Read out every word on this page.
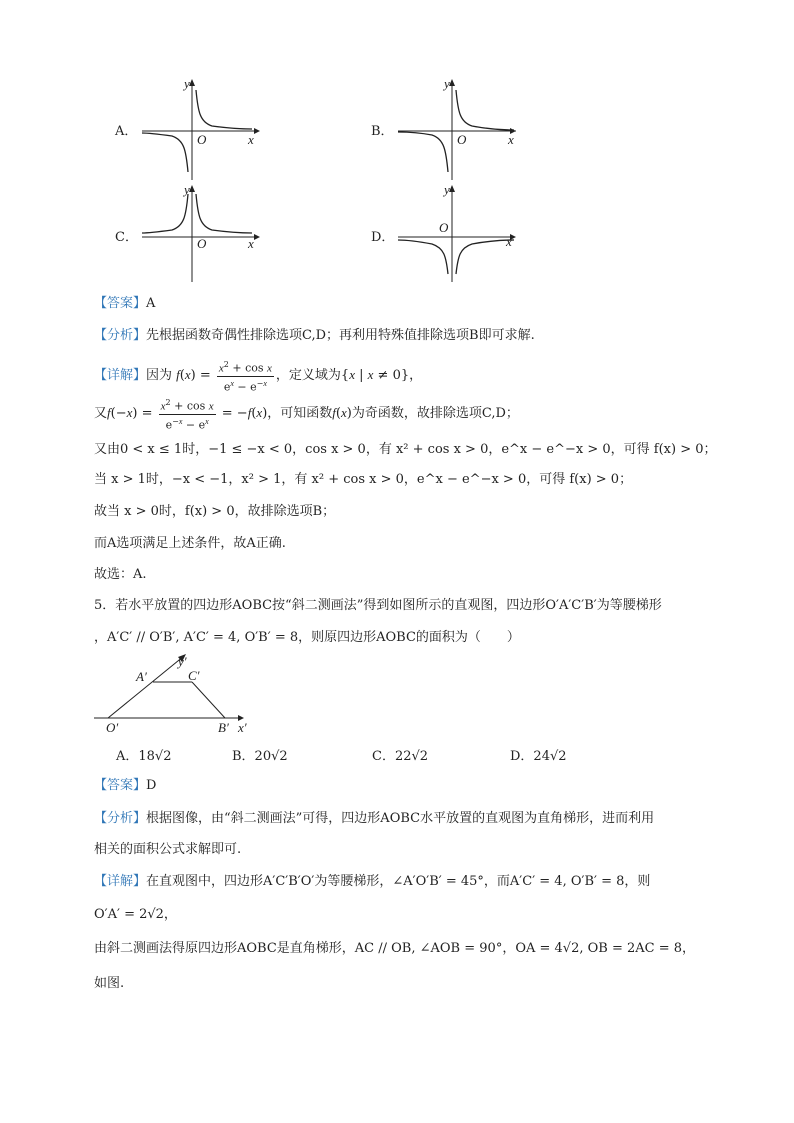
A．
y
O	x
B．
y
O	x
C．
y
O	x	D．
y
O
x
【答案】A
【分析】先根据函数奇偶性排除选项C,D；再利用特殊值排除选项B即可求解.
【详解】因为 $f(x) = \frac{x^2 + \cos x}{e^x - e^{-x}}$ ，定义域为{x | x ≠ 0}，
又$f(-x) = \frac{x^2 + \cos x}{e^{-x} - e^x} = -f(x)$，可知函数f(x)为奇函数，故排除选项C,D；
又由0 < x ≤ 1时，−1 ≤ −x < 0，cos x > 0，有 x² + cos x > 0，e^x − e^−x > 0，可得 f(x) > 0；
当 x > 1时，−x < −1，x² > 1，有 x² + cos x > 0，e^x − e^−x > 0，可得 f(x) > 0；
故当 x > 0时，f(x) > 0，故排除选项B；
而A选项满足上述条件，故A正确.
故选：A.
5．若水平放置的四边形AOBC按“斜二测画法”得到如图所示的直观图，四边形O′A′C′B′为等腰梯形
，A′C′ // O′B′, A′C′ = 4, O′B′ = 8，则原四边形AOBC的面积为（　　）
y′
A′	C′
O′	B′ x′
A．18√2	B．20√2	C．22√2	D．24√2
【答案】D
【分析】根据图像，由“斜二测画法”可得，四边形AOBC水平放置的直观图为直角梯形，进而利用
相关的面积公式求解即可.
【详解】在直观图中，四边形A′C′B′O′为等腰梯形，∠A′O′B′ = 45°，而A′C′ = 4, O′B′ = 8，则
O′A′ = 2√2，
由斜二测画法得原四边形AOBC是直角梯形，AC // OB, ∠AOB = 90°，OA = 4√2, OB = 2AC = 8，
如图.
